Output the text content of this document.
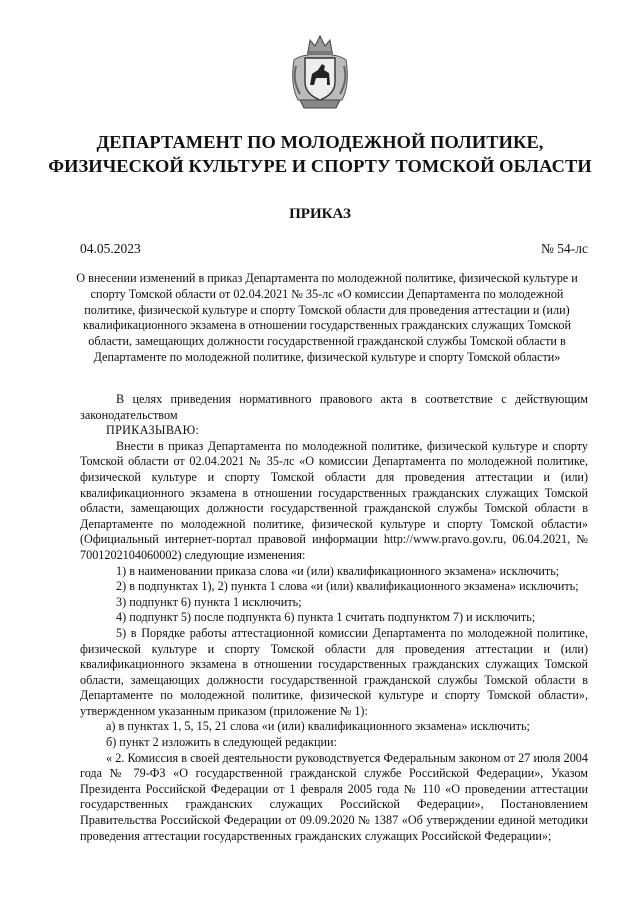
ДЕПАРТАМЕНТ ПО МОЛОДЕЖНОЙ ПОЛИТИКЕ,
ФИЗИЧЕСКОЙ КУЛЬТУРЕ И СПОРТУ ТОМСКОЙ ОБЛАСТИ
ПРИКАЗ
04.05.2023	№ 54-лс
О внесении изменений в приказ Департамента по молодежной политике, физической культуре и спорту Томской области от 02.04.2021 № 35-лс «О комиссии Департамента по молодежной политике, физической культуре и спорту Томской области для проведения аттестации и (или) квалификационного экзамена в отношении государственных гражданских служащих Томской области, замещающих должности государственной гражданской службы Томской области в Департаменте по молодежной политике, физической культуре и спорту Томской области»

В целях приведения нормативного правового акта в соответствие с действующим законодательством

ПРИКАЗЫВАЮ:

Внести в приказ Департамента по молодежной политике, физической культуре и спорту Томской области от 02.04.2021 № 35-лс «О комиссии Департамента по молодежной политике, физической культуре и спорту Томской области для проведения аттестации и (или) квалификационного экзамена в отношении государственных гражданских служащих Томской области, замещающих должности государственной гражданской службы Томской области в Департаменте по молодежной политике, физической культуре и спорту Томской области» (Официальный интернет-портал правовой информации http://www.pravo.gov.ru, 06.04.2021, № 7001202104060002) следующие изменения:

1) в наименовании приказа слова «и (или) квалификационного экзамена» исключить;

2) в подпунктах 1), 2) пункта 1 слова «и (или) квалификационного экзамена» исключить;

3) подпункт 6) пункта 1 исключить;

4) подпункт 5) после подпункта 6) пункта 1 считать подпунктом 7) и исключить;

5) в Порядке работы аттестационной комиссии Департамента по молодежной политике, физической культуре и спорту Томской области для проведения аттестации и (или) квалификационного экзамена в отношении государственных гражданских служащих Томской области, замещающих должности государственной гражданской службы Томской области в Департаменте по молодежной политике, физической культуре и спорту Томской области», утвержденном указанным приказом (приложение № 1):

а) в пунктах 1, 5, 15, 21 слова «и (или) квалификационного экзамена» исключить;

б) пункт 2 изложить в следующей редакции:

« 2. Комиссия в своей деятельности руководствуется Федеральным законом от 27 июля 2004 года № 79-ФЗ «О государственной гражданской службе Российской Федерации», Указом Президента Российской Федерации от 1 февраля 2005 года № 110 «О проведении аттестации государственных гражданских служащих Российской Федерации», Постановлением Правительства Российской Федерации от 09.09.2020 № 1387 «Об утверждении единой методики проведения аттестации государственных гражданских служащих Российской Федерации»;
